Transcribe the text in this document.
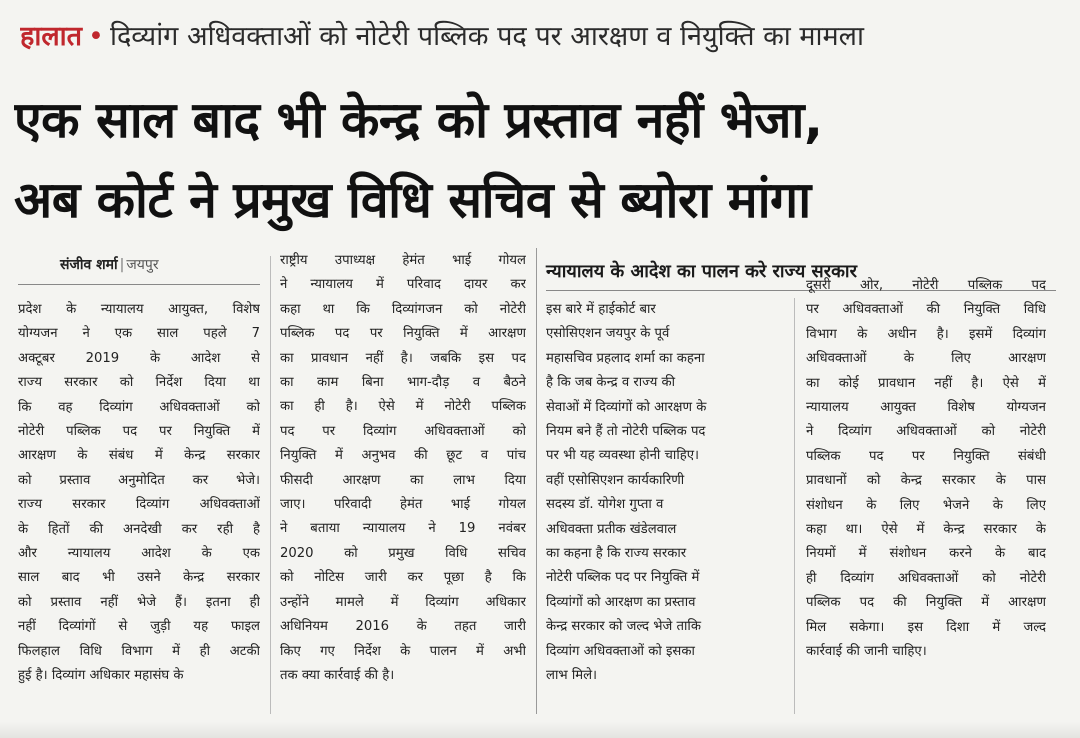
हालात • दिव्यांग अधिवक्ताओं को नोटेरी पब्लिक पद पर आरक्षण व नियुक्ति का मामला
एक साल बाद भी केन्द्र को प्रस्ताव नहीं भेजा,
अब कोर्ट ने प्रमुख विधि सचिव से ब्योरा मांगा
संजीव शर्मा | जयपुर	न्यायालय के आदेश का पालन करे राज्य सरकार
प्रदेश के न्यायालय आयुक्त, विशेष
योग्यजन ने एक साल पहले 7
अक्टूबर 2019 के आदेश से
राज्य सरकार को निर्देश दिया था
कि वह दिव्यांग अधिवक्ताओं को
नोटेरी पब्लिक पद पर नियुक्ति में
आरक्षण के संबंध में केन्द्र सरकार
को प्रस्ताव अनुमोदित कर भेजे।
राज्य सरकार दिव्यांग अधिवक्ताओं
के हितों की अनदेखी कर रही है
और न्यायालय आदेश के एक
साल बाद भी उसने केन्द्र सरकार
को प्रस्ताव नहीं भेजे हैं। इतना ही
नहीं दिव्यांगों से जुड़ी यह फाइल
फिलहाल विधि विभाग में ही अटकी
हुई है। दिव्यांग अधिकार महासंघ के
राष्ट्रीय उपाध्यक्ष हेमंत भाई गोयल
ने न्यायालय में परिवाद दायर कर
कहा था कि दिव्यांगजन को नोटेरी
पब्लिक पद पर नियुक्ति में आरक्षण
का प्रावधान नहीं है। जबकि इस पद
का काम बिना भाग-दौड़ व बैठने
का ही है। ऐसे में नोटेरी पब्लिक
पद पर दिव्यांग अधिवक्ताओं को
नियुक्ति में अनुभव की छूट व पांच
फीसदी आरक्षण का लाभ दिया
जाए। परिवादी हेमंत भाई गोयल
ने बताया न्यायालय ने 19 नवंबर
2020 को प्रमुख विधि सचिव
को नोटिस जारी कर पूछा है कि
उन्होंने मामले में दिव्यांग अधिकार
अधिनियम 2016 के तहत जारी
किए गए निर्देश के पालन में अभी
तक क्या कार्रवाई की है।
इस बारे में हाईकोर्ट बार
एसोसिएशन जयपुर के पूर्व
महासचिव प्रहलाद शर्मा का कहना
है कि जब केन्द्र व राज्य की
सेवाओं में दिव्यांगों को आरक्षण के
नियम बने हैं तो नोटेरी पब्लिक पद
पर भी यह व्यवस्था होनी चाहिए।
वहीं एसोसिएशन कार्यकारिणी
सदस्य डॉ. योगेश गुप्ता व
अधिवक्ता प्रतीक खंडेलवाल
का कहना है कि राज्य सरकार
नोटेरी पब्लिक पद पर नियुक्ति में
दिव्यांगों को आरक्षण का प्रस्ताव
केन्द्र सरकार को जल्द भेजे ताकि
दिव्यांग अधिवक्ताओं को इसका
लाभ मिले।
दूसरी ओर, नोटेरी पब्लिक पद
पर अधिवक्ताओं की नियुक्ति विधि
विभाग के अधीन है। इसमें दिव्यांग
अधिवक्ताओं के लिए आरक्षण
का कोई प्रावधान नहीं है। ऐसे में
न्यायालय आयुक्त विशेष योग्यजन
ने दिव्यांग अधिवक्ताओं को नोटेरी
पब्लिक पद पर नियुक्ति संबंधी
प्रावधानों को केन्द्र सरकार के पास
संशोधन के लिए भेजने के लिए
कहा था। ऐसे में केन्द्र सरकार के
नियमों में संशोधन करने के बाद
ही दिव्यांग अधिवक्ताओं को नोटेरी
पब्लिक पद की नियुक्ति में आरक्षण
मिल सकेगा। इस दिशा में जल्द
कार्रवाई की जानी चाहिए।
